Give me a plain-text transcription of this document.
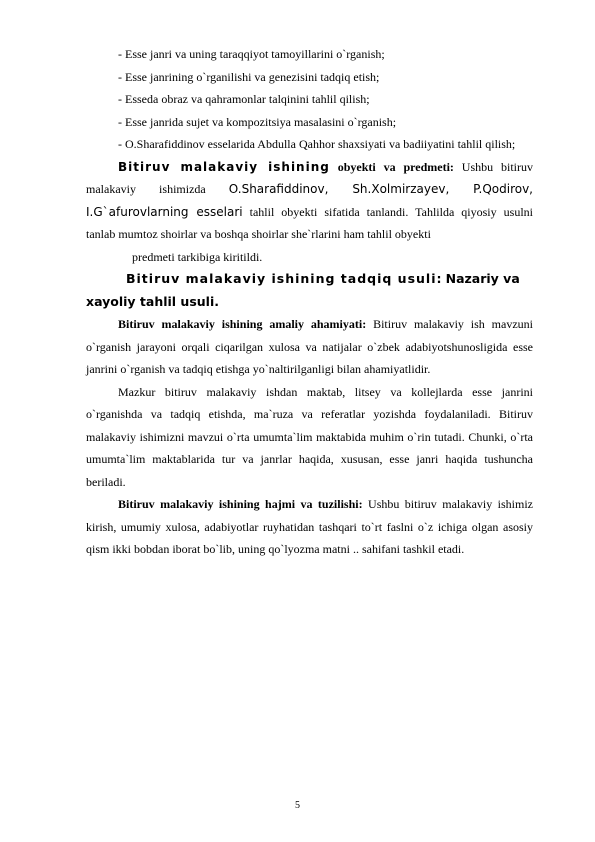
- Esse janri va uning taraqqiyot tamoyillarini o`rganish;

- Esse janrining o`rganilishi va genezisini tadqiq etish;

- Esseda obraz va qahramonlar talqinini tahlil qilish;

- Esse janrida sujet va kompozitsiya masalasini o`rganish;

- O.Sharafiddinov esselarida Abdulla Qahhor shaxsiyati va badiiyatini tahlil qilish;

Bitiruv malakaviy ishining obyekti va predmeti: Ushbu bitiruv malakaviy ishimizda O.Sharafiddinov, Sh.Xolmirzayev, P.Qodirov, I.G`afurovlarning esselari tahlil obyekti sifatida tanlandi. Tahlilda qiyosiy usulni tanlab mumtoz shoirlar va boshqa shoirlar she`rlarini ham tahlil obyekti
predmeti tarkibiga kiritildi.

Bitiruv malakaviy ishining tadqiq usuli: Nazariy va xayoliy tahlil usuli.

Bitiruv malakaviy ishining amaliy ahamiyati: Bitiruv malakaviy ish mavzuni o`rganish jarayoni orqali ciqarilgan xulosa va natijalar o`zbek adabiyotshunosligida esse janrini o`rganish va tadqiq etishga yo`naltirilganligi bilan ahamiyatlidir.

Mazkur bitiruv malakaviy ishdan maktab, litsey va kollejlarda esse janrini o`rganishda va tadqiq etishda, ma`ruza va referatlar yozishda foydalaniladi. Bitiruv malakaviy ishimizni mavzui o`rta umumta`lim maktabida muhim o`rin tutadi. Chunki, o`rta umumta`lim maktablarida tur va janrlar haqida, xususan, esse janri haqida tushuncha beriladi.

Bitiruv malakaviy ishining hajmi va tuzilishi: Ushbu bitiruv malakaviy ishimiz kirish, umumiy xulosa, adabiyotlar ruyhatidan tashqari to`rt faslni o`z ichiga olgan asosiy qism ikki bobdan iborat bo`lib, uning qo`lyozma matni .. sahifani tashkil etadi.

5
